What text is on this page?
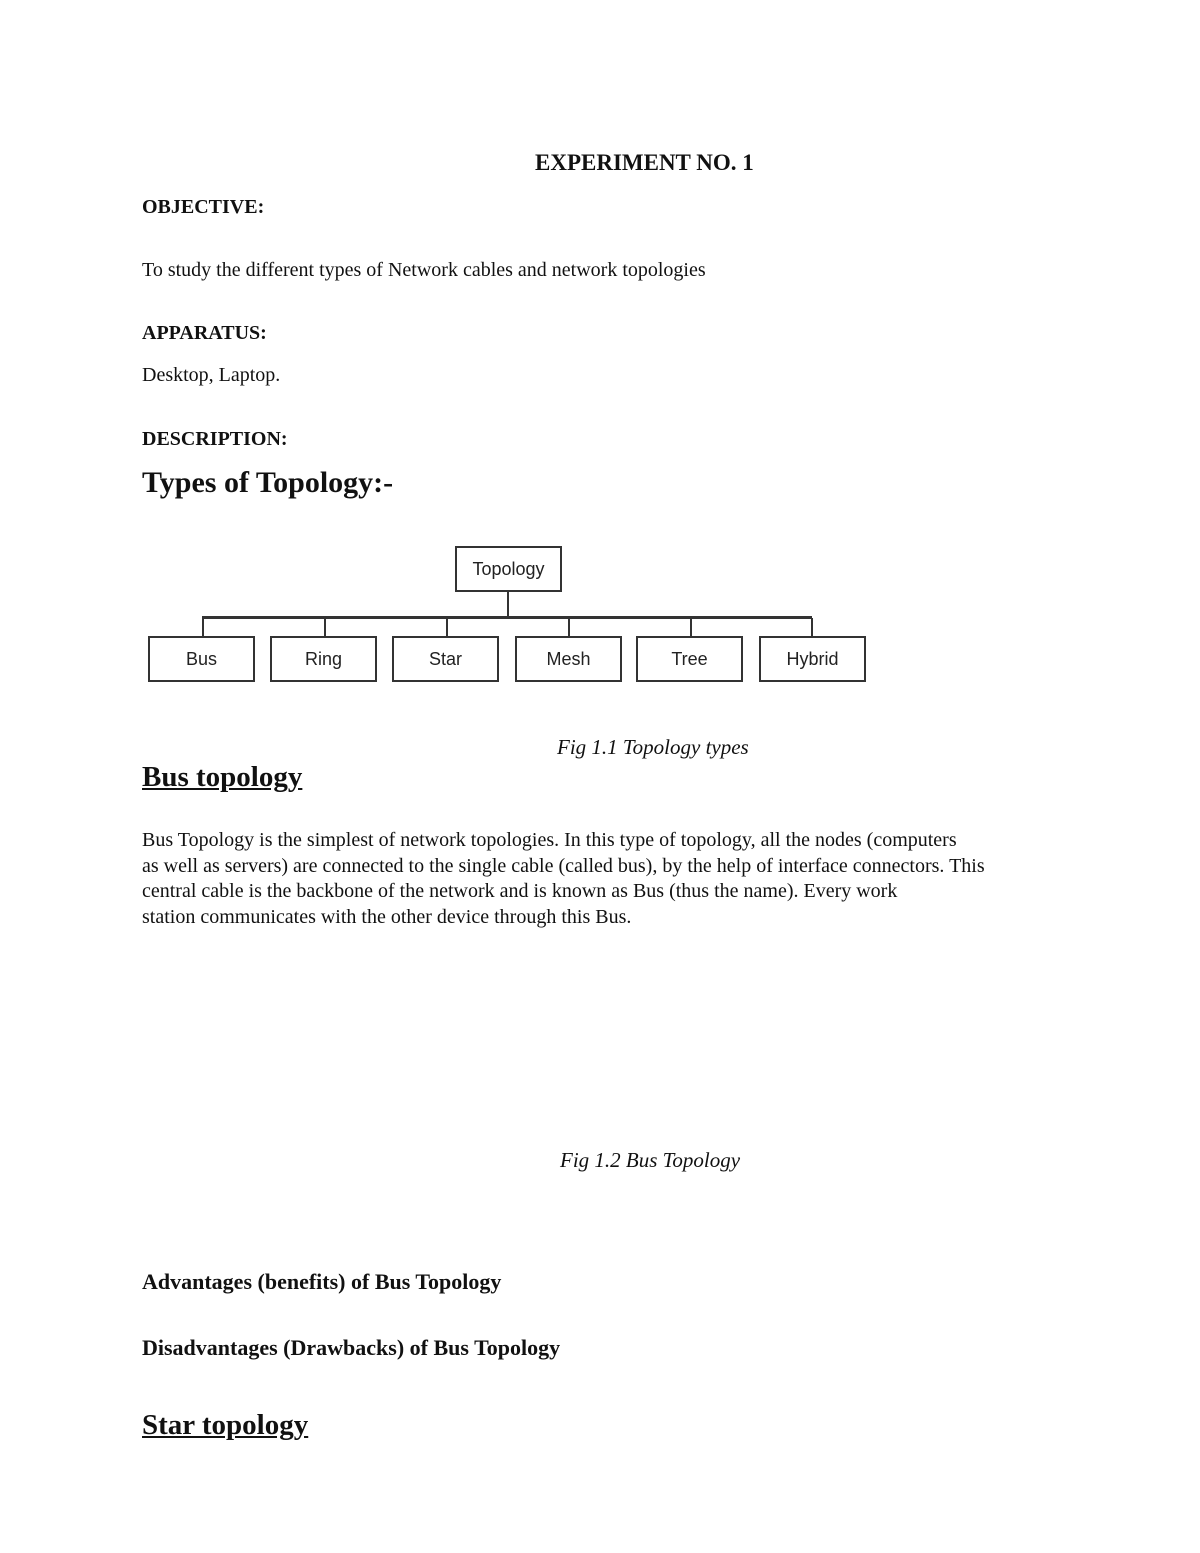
EXPERIMENT NO. 1
OBJECTIVE:
To study the different types of Network cables and network topologies
APPARATUS:
Desktop, Laptop.
DESCRIPTION:
Types of Topology:-
Topology
Bus	Ring	Star	Mesh	Tree	Hybrid
Fig 1.1 Topology types
Bus topology
Bus Topology is the simplest of network topologies. In this type of topology, all the nodes (computers
as well as servers) are connected to the single cable (called bus), by the help of interface connectors. This
central cable is the backbone of the network and is known as Bus (thus the name). Every work
station communicates with the other device through this Bus.
Fig 1.2 Bus Topology
Advantages (benefits) of Bus Topology
Disadvantages (Drawbacks) of Bus Topology
Star topology
